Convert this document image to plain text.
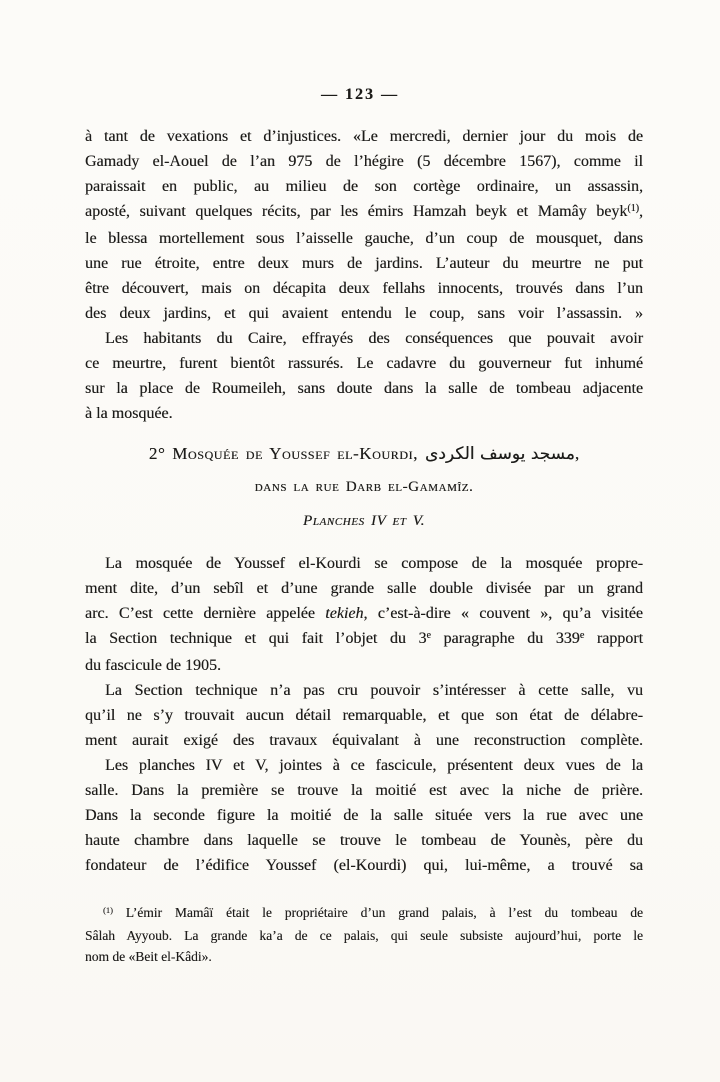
— 123 —
à tant de vexations et d’injustices. «Le mercredi, dernier jour du mois de
Gamady el-Aouel de l’an 975 de l’hégire (5 décembre 1567), comme il
paraissait en public, au milieu de son cortège ordinaire, un assassin,
aposté, suivant quelques récits, par les émirs Hamzah beyk et Mamây beyk$^{(1)}$,
le blessa mortellement sous l’aisselle gauche, d’un coup de mousquet, dans
une rue étroite, entre deux murs de jardins. L’auteur du meurtre ne put
être découvert, mais on décapita deux fellahs innocents, trouvés dans l’un
des deux jardins, et qui avaient entendu le coup, sans voir l’assassin. »
Les habitants du Caire, effrayés des conséquences que pouvait avoir
ce meurtre, furent bientôt rassurés. Le cadavre du gouverneur fut inhumé
sur la place de Roumeileh, sans doute dans la salle de tombeau adjacente
à la mosquée.
2° Mosquée de Youssef el-Kourdi, مسجد يوسف الكردى,
dans la rue Darb el-Gamamîz.
Planches IV et V.
La mosquée de Youssef el-Kourdi se compose de la mosquée propre-
ment dite, d’un sebîl et d’une grande salle double divisée par un grand
arc. C’est cette dernière appelée tekieh, c’est-à-dire « couvent », qu’a visitée
la Section technique et qui fait l’objet du 3e paragraphe du 339e rapport
du fascicule de 1905.
La Section technique n’a pas cru pouvoir s’intéresser à cette salle, vu
qu’il ne s’y trouvait aucun détail remarquable, et que son état de délabre-
ment aurait exigé des travaux équivalant à une reconstruction complète.
Les planches IV et V, jointes à ce fascicule, présentent deux vues de la
salle. Dans la première se trouve la moitié est avec la niche de prière.
Dans la seconde figure la moitié de la salle située vers la rue avec une
haute chambre dans laquelle se trouve le tombeau de Younès, père du
fondateur de l’édifice Youssef (el-Kourdi) qui, lui-même, a trouvé sa
$^{(1)}$ L’émir Mamâï était le propriétaire d’un grand palais, à l’est du tombeau de
Sâlah Ayyoub. La grande ka’a de ce palais, qui seule subsiste aujourd’hui, porte le
nom de «Beit el-Kâdi».
